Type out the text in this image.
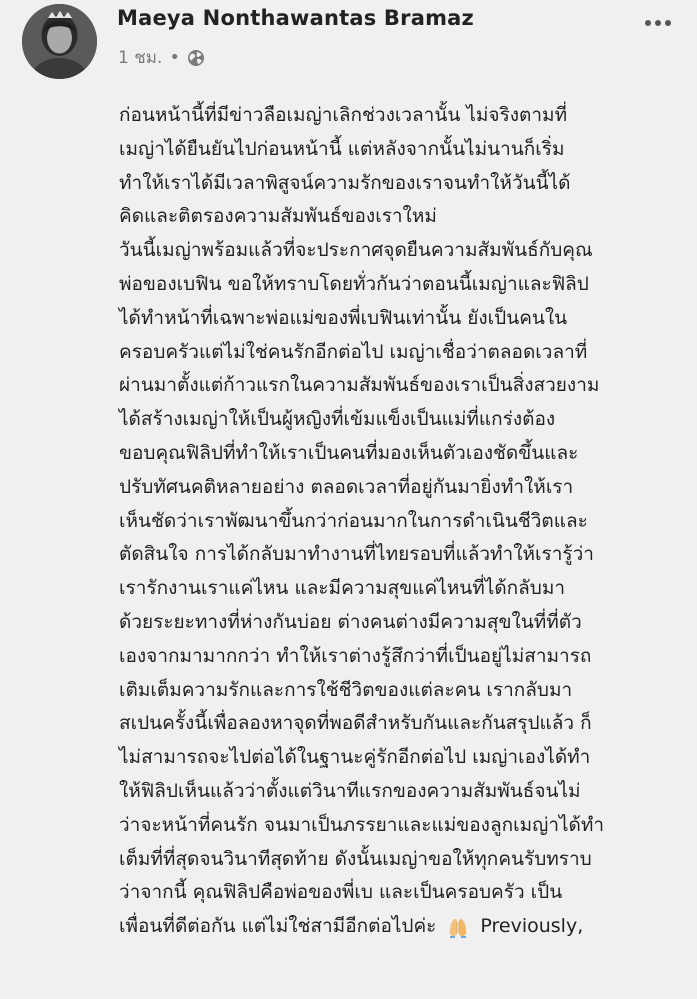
Maeya Nonthawantas Bramaz
1 ชม. •
ก่อนหน้านี้ที่มีข่าวลือเมญ่าเลิกช่วงเวลานั้น ไม่จริงตามที่
เมญ่าได้ยืนยันไปก่อนหน้านี้ แต่หลังจากนั้นไม่นานก็เริ่ม
ทำให้เราได้มีเวลาพิสูจน์ความรักของเราจนทำให้วันนี้ได้
คิดและติตรองความสัมพันธ์ของเราใหม่
วันนี้เมญ่าพร้อมแล้วที่จะประกาศจุดยืนความสัมพันธ์กับคุณ
พ่อของเบฟิน ขอให้ทราบโดยทั่วกันว่าตอนนี้เมญ่าและฟิลิป
ได้ทำหน้าที่เฉพาะพ่อแม่ของพี่เบฟินเท่านั้น ยังเป็นคนใน
ครอบครัวแต่ไม่ใช่คนรักอีกต่อไป เมญ่าเชื่อว่าตลอดเวลาที่
ผ่านมาตั้งแต่ก้าวแรกในความสัมพันธ์ของเราเป็นสิ่งสวยงาม
ได้สร้างเมญ่าให้เป็นผู้หญิงที่เข้มแข็งเป็นแม่ที่แกร่งต้อง
ขอบคุณฟิลิปที่ทำให้เราเป็นคนที่มองเห็นตัวเองชัดขึ้นและ
ปรับทัศนคติหลายอย่าง ตลอดเวลาที่อยู่กันมายิ่งทำให้เรา
เห็นชัดว่าเราพัฒนาขึ้นกว่าก่อนมากในการดำเนินชีวิตและ
ตัดสินใจ การได้กลับมาทำงานที่ไทยรอบที่แล้วทำให้เรารู้ว่า
เรารักงานเราแค่ไหน และมีความสุขแค่ไหนที่ได้กลับมา
ด้วยระยะทางที่ห่างกันบ่อย ต่างคนต่างมีความสุขในที่ที่ตัว
เองจากมามากกว่า ทำให้เราต่างรู้สึกว่าที่เป็นอยู่ไม่สามารถ
เติมเต็มความรักและการใช้ชีวิตของแต่ละคน เรากลับมา
สเปนครั้งนี้เพื่อลองหาจุดที่พอดีสำหรับกันและกันสรุปแล้ว ก็
ไม่สามารถจะไปต่อได้ในฐานะคู่รักอีกต่อไป เมญ่าเองได้ทำ
ให้ฟิลิปเห็นแล้วว่าตั้งแต่วินาทีแรกของความสัมพันธ์จนไม่
ว่าจะหน้าที่คนรัก จนมาเป็นภรรยาและแม่ของลูกเมญ่าได้ทำ
เต็มที่ที่สุดจนวินาทีสุดท้าย ดังนั้นเมญ่าขอให้ทุกคนรับทราบ
ว่าจากนี้ คุณฟิลิปคือพ่อของพี่เบ และเป็นครอบครัว เป็น
เพื่อนที่ดีต่อกัน แต่ไม่ใช่สามีอีกต่อไปค่ะ Previously,
